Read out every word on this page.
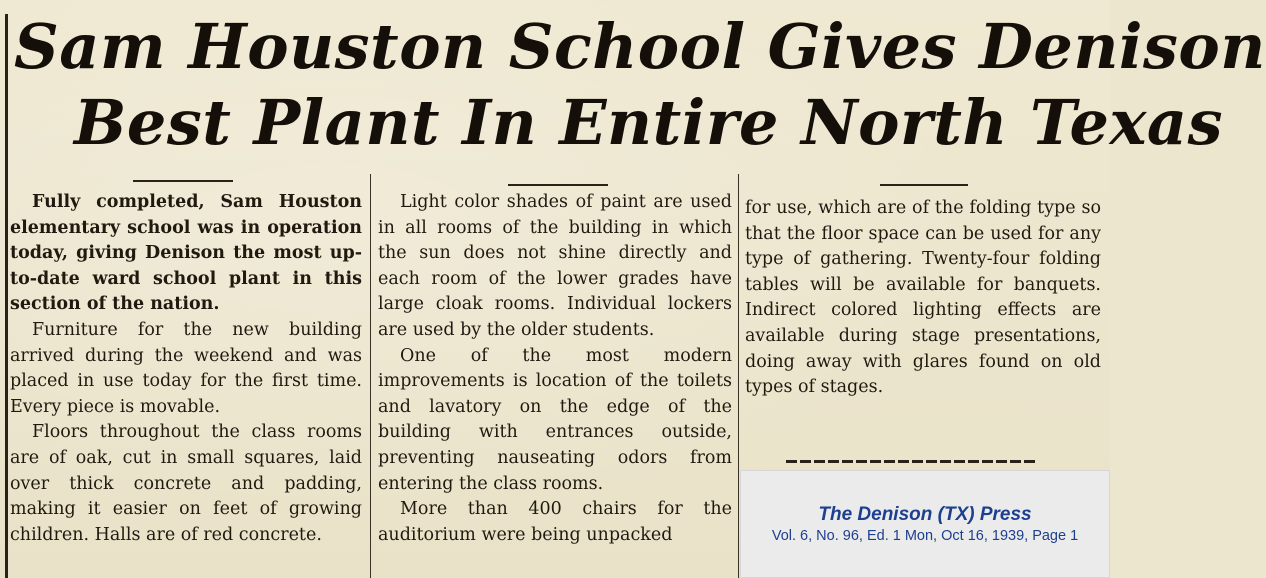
Sam Houston School Gives Denison
Best Plant In Entire North Texas

Fully completed, Sam Houston elementary school was in operation today, giving Denison the most up-to-date ward school plant in this section of the nation.

Furniture for the new building arrived during the weekend and was placed in use today for the first time. Every piece is movable.

Floors throughout the class rooms are of oak, cut in small squares, laid over thick concrete and padding, making it easier on feet of growing children. Halls are of red concrete.

Light color shades of paint are used in all rooms of the building in which the sun does not shine directly and each room of the lower grades have large cloak rooms. Individual lockers are used by the older students.

One of the most modern improvements is location of the toilets and lavatory on the edge of the building with entrances outside, preventing nauseating odors from entering the class rooms.

More than 400 chairs for the auditorium were being unpacked

for use, which are of the folding type so that the floor space can be used for any type of gathering. Twenty-four folding tables will be available for banquets. Indirect colored lighting effects are available during stage presentations, doing away with glares found on old types of stages.

The Denison (TX) Press
Vol. 6, No. 96, Ed. 1 Mon, Oct 16, 1939, Page 1
